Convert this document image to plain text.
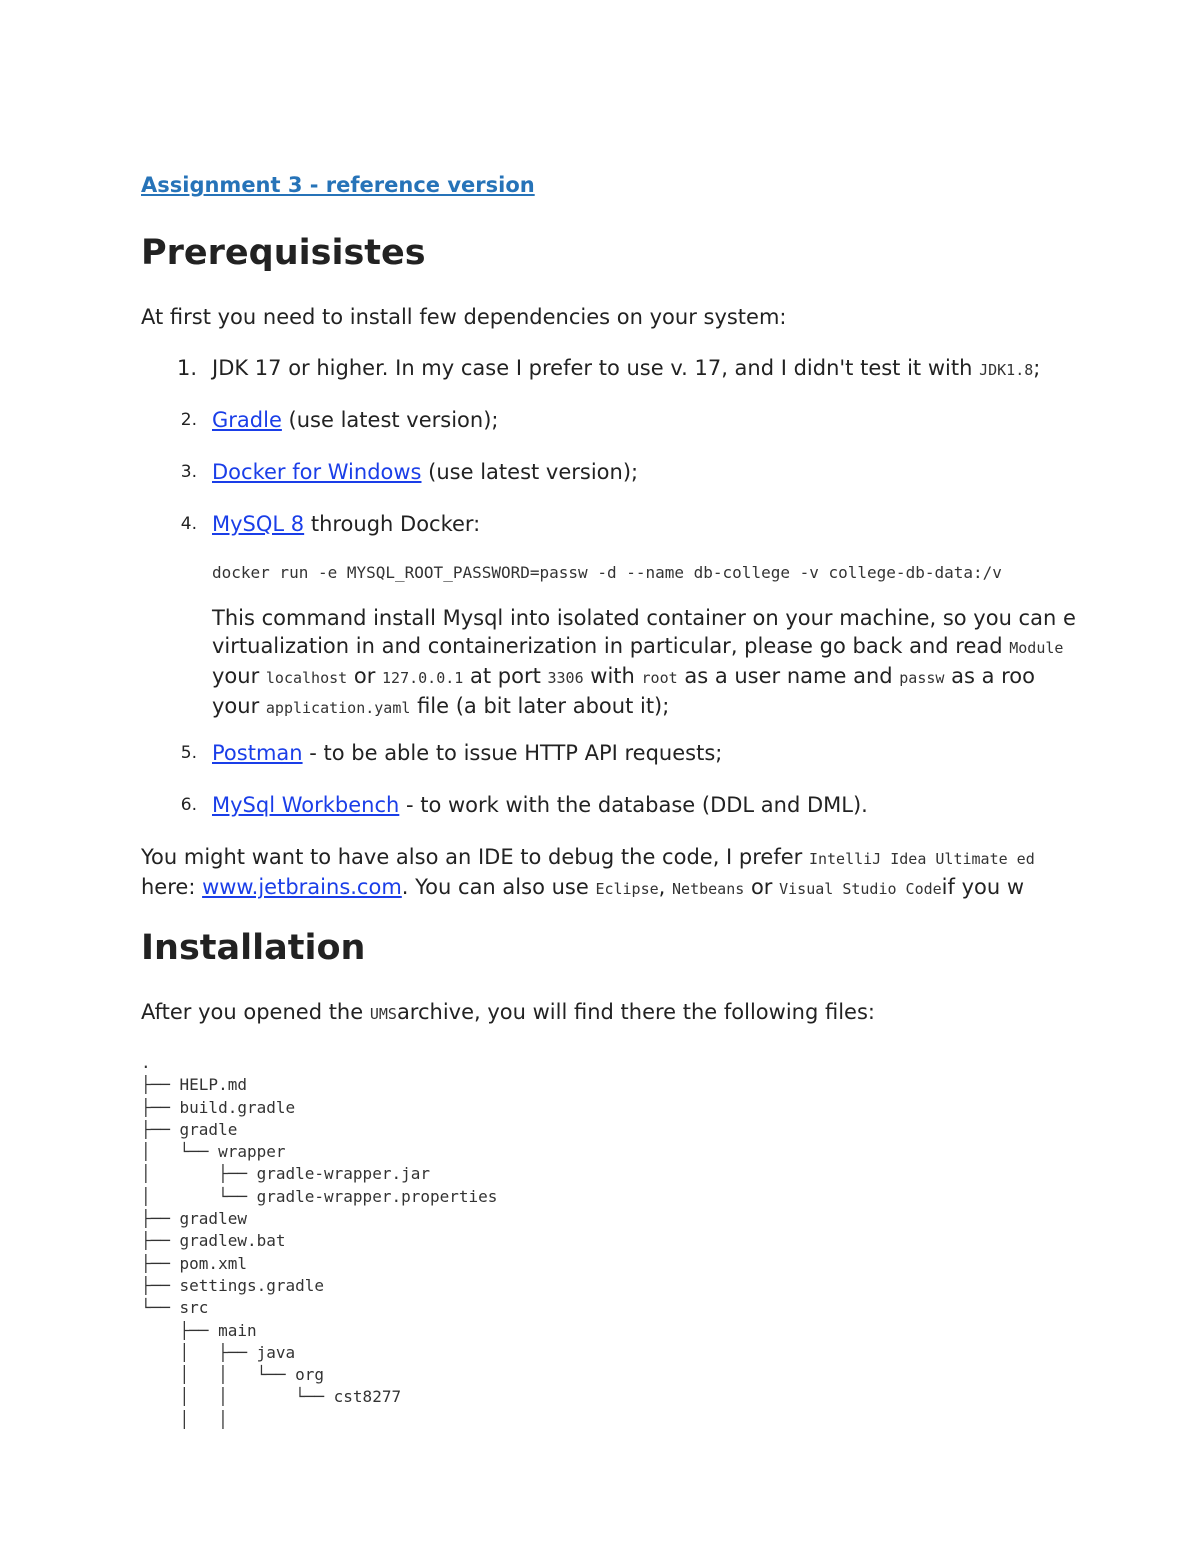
Assignment 3 - reference version
Prerequisistes
At first you need to install few dependencies on your system:
1. JDK 17 or higher. In my case I prefer to use v. 17, and I didn't test it with JDK1.8;
2. Gradle (use latest version);
3. Docker for Windows (use latest version);
4. MySQL 8 through Docker:
docker run -e MYSQL_ROOT_PASSWORD=passw -d --name db-college -v college-db-data:/v
This command install Mysql into isolated container on your machine, so you can e
virtualization in and containerization in particular, please go back and read Module
your localhost or 127.0.0.1 at port 3306 with root as a user name and passw as a roo
your application.yaml file (a bit later about it);
5. Postman - to be able to issue HTTP API requests;
6. MySql Workbench - to work with the database (DDL and DML).
You might want to have also an IDE to debug the code, I prefer IntelliJ Idea Ultimate ed
here: www.jetbrains.com. You can also use Eclipse, Netbeans or Visual Studio Codeif you w
Installation
After you opened the UMSarchive, you will find there the following files:
.
├── HELP.md
├── build.gradle
├── gradle
│   └── wrapper
│       ├── gradle-wrapper.jar
│       └── gradle-wrapper.properties
├── gradlew
├── gradlew.bat
├── pom.xml
├── settings.gradle
└── src
├── main
│   ├── java
│   │   └── org
│   │       └── cst8277
│   │
